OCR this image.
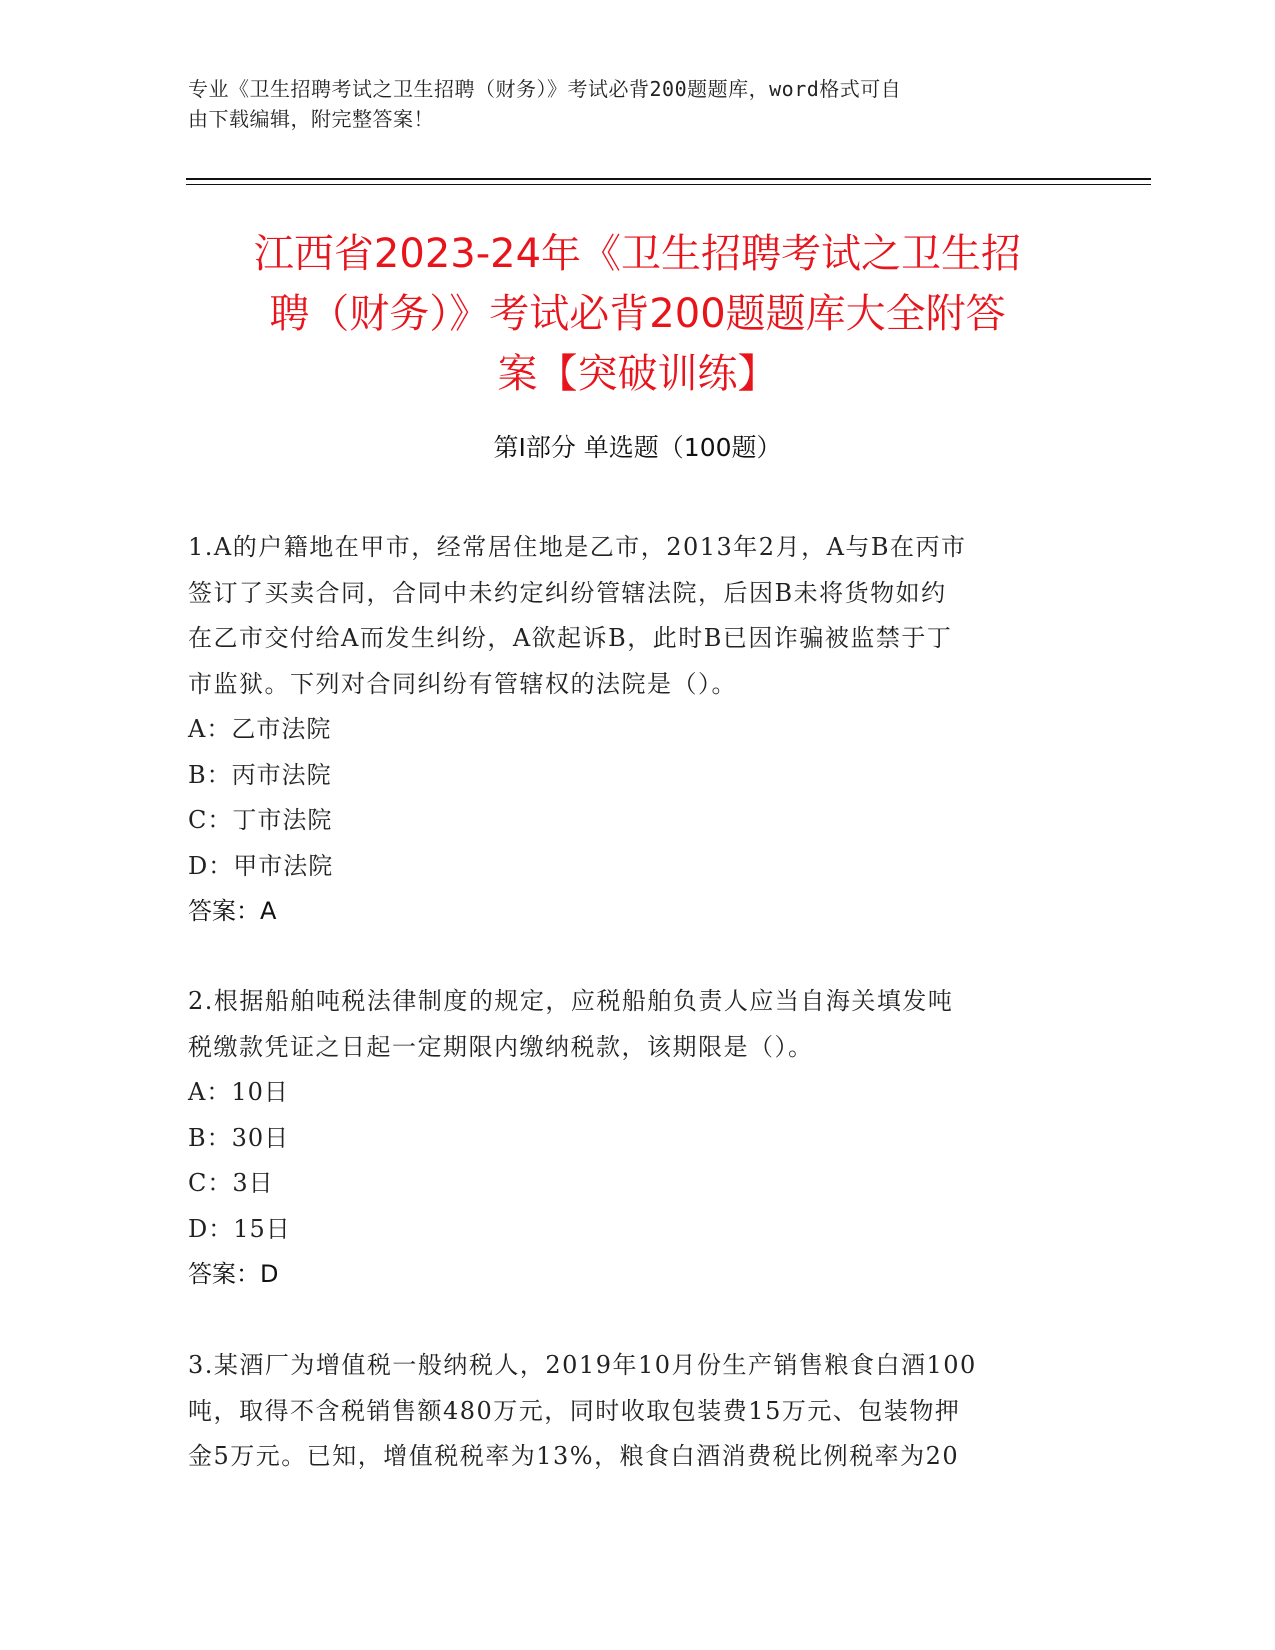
专业《卫生招聘考试之卫生招聘（财务）》考试必背200题题库，word格式可自
由下载编辑，附完整答案！
江西省2023-24年《卫生招聘考试之卫生招
聘（财务）》考试必背200题题库大全附答
案【突破训练】
第I部分 单选题（100题）
1.A的户籍地在甲市，经常居住地是乙市，2013年2月，A与B在丙市
签订了买卖合同，合同中未约定纠纷管辖法院，后因B未将货物如约
在乙市交付给A而发生纠纷，A欲起诉B，此时B已因诈骗被监禁于丁
市监狱。下列对合同纠纷有管辖权的法院是（）。
A：乙市法院
B：丙市法院
C：丁市法院
D：甲市法院
答案：A
2.根据船舶吨税法律制度的规定，应税船舶负责人应当自海关填发吨
税缴款凭证之日起一定期限内缴纳税款，该期限是（）。
A：10日
B：30日
C：3日
D：15日
答案：D
3.某酒厂为增值税一般纳税人，2019年10月份生产销售粮食白酒100
吨，取得不含税销售额480万元，同时收取包装费15万元、包装物押
金5万元。已知，增值税税率为13%，粮食白酒消费税比例税率为20
